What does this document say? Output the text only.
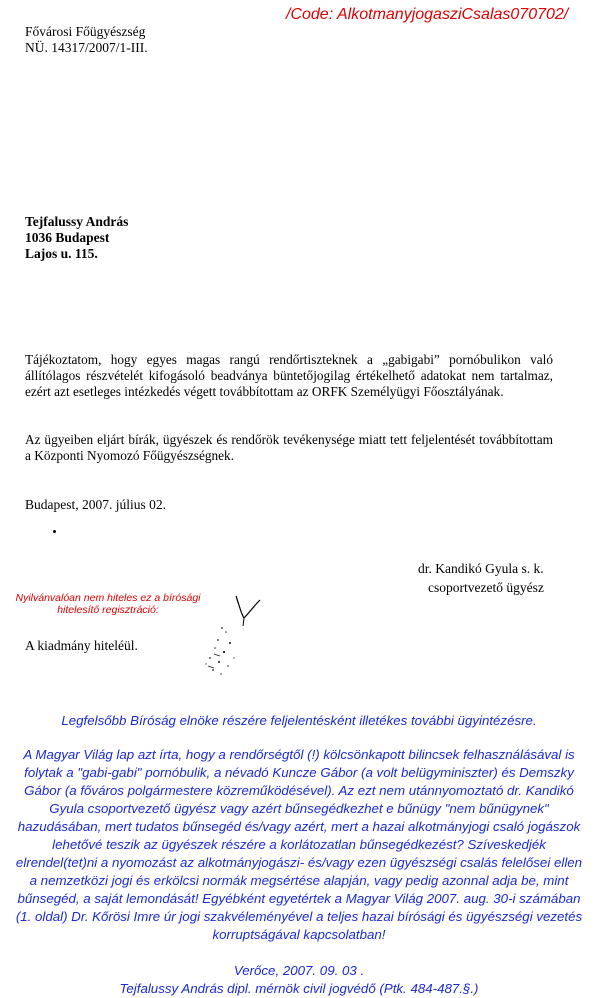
/Code: AlkotmanyjogasziCsalas070702/
Fővárosi Főügyészség
NÜ. 14317/2007/1-III.
Tejfalussy András
1036 Budapest
Lajos u. 115.
Tájékoztatom, hogy egyes magas rangú rendőrtiszteknek a „gabigabi” pornóbulikon való állítólagos részvételét kifogásoló beadványa büntetőjogilag értékelhető adatokat nem tartalmaz, ezért azt esetleges intézkedés végett továbbítottam az ORFK Személyügyi Főosztályának.
Az ügyeiben eljárt bírák, ügyészek és rendőrök tevékenysége miatt tett feljelentését továbbítottam a Központi Nyomozó Főügyészségnek.
Budapest, 2007. július 02.
dr. Kandikó Gyula s. k.
csoportvezető ügyész
Nyilvánvalóan nem hiteles ez a bírósági hitelesítő regisztráció:
A kiadmány hiteléül.
Legfelsőbb Bíróság elnöke részére feljelentésként illetékes további ügyintézésre.
A Magyar Világ lap azt írta, hogy a rendőrségtől (!) kölcsönkapott bilincsek felhasználásával is folytak a "gabi-gabi" pornóbulik, a névadó Kuncze Gábor (a volt belügyminiszter) és Demszky Gábor (a főváros polgármestere közreműködésével). Az ezt nem utánnyomoztató dr. Kandikó Gyula csoportvezető ügyész vagy azért bűnsegédkezhet e bűnügy "nem bűnügynek" hazudásában, mert tudatos bűnsegéd és/vagy azért, mert a hazai alkotmányjogi csaló jogászok lehetővé teszik az ügyészek részére a korlátozatlan bűnsegédkezést? Szíveskedjék elrendel(tet)ni a nyomozást az alkotmányjogászi- és/vagy ezen ügyészségi csalás felelősei ellen a nemzetközi jogi és erkölcsi normák megsértése alapján, vagy pedig azonnal adja be, mint bűnsegéd, a saját lemondását! Egyébként egyetértek a Magyar Világ 2007. aug. 30-i számában (1. oldal) Dr. Kőrösi Imre úr jogi szakvéleményével a teljes hazai bírósági és ügyészségi vezetés korruptságával kapcsolatban!
Verőce, 2007. 09. 03 .
Tejfalussy András dipl. mérnök civil jogvédő (Ptk. 484-487.§.)
